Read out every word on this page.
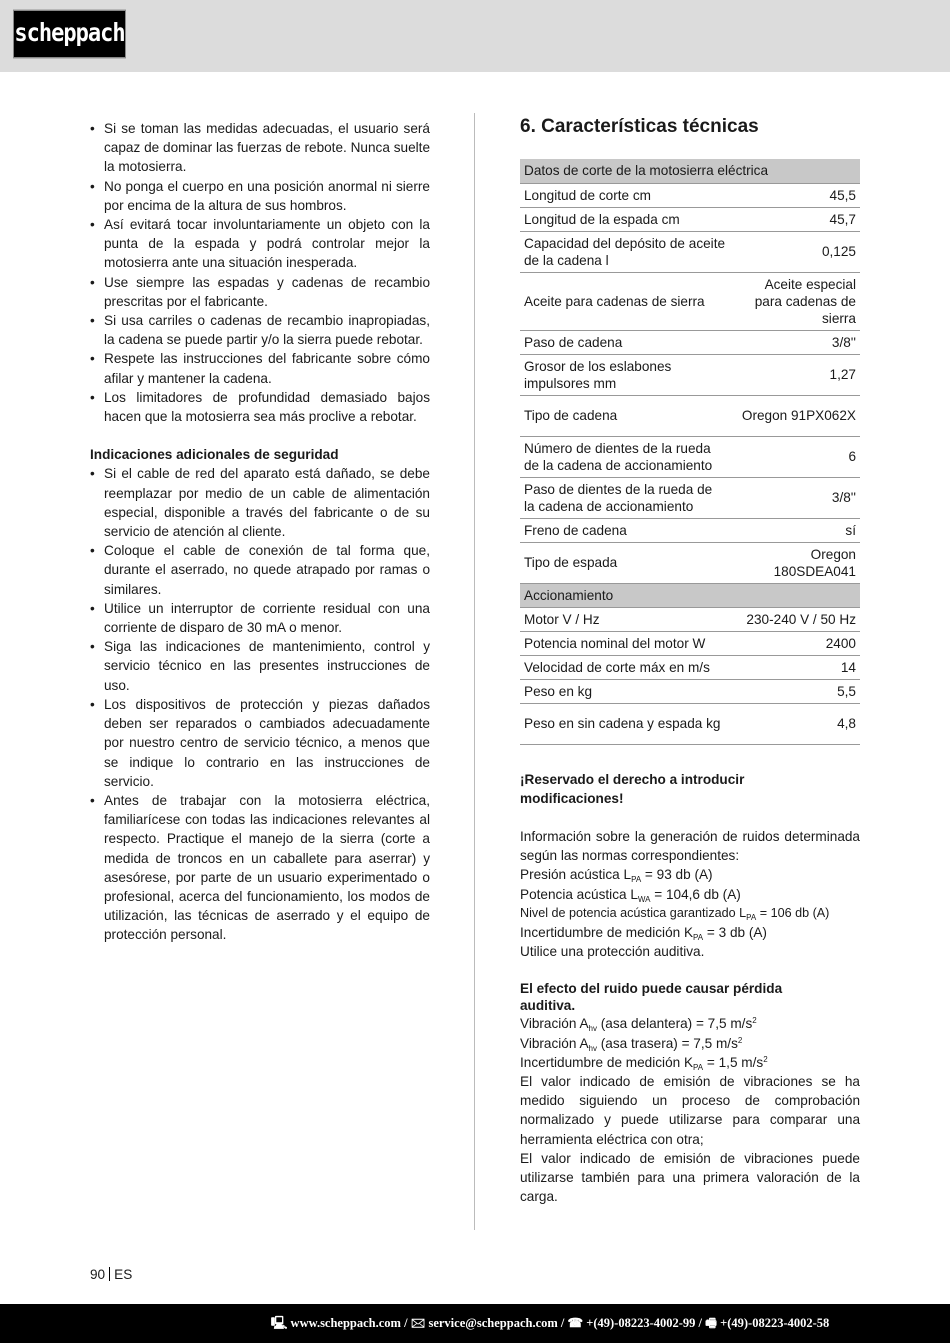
scheppach
• Si se toman las medidas adecuadas, el usuario será capaz de dominar las fuerzas de rebote. Nunca suelte la motosierra.
• No ponga el cuerpo en una posición anormal ni sierre por encima de la altura de sus hombros.
• Así evitará tocar involuntariamente un objeto con la punta de la espada y podrá controlar mejor la motosierra ante una situación inesperada.
• Use siempre las espadas y cadenas de recambio prescritas por el fabricante.
• Si usa carriles o cadenas de recambio inapropiadas, la cadena se puede partir y/o la sierra puede rebotar.
• Respete las instrucciones del fabricante sobre cómo afilar y mantener la cadena.
• Los limitadores de profundidad demasiado bajos hacen que la motosierra sea más proclive a rebotar.
Indicaciones adicionales de seguridad
• Si el cable de red del aparato está dañado, se debe reemplazar por medio de un cable de alimentación especial, disponible a través del fabricante o de su servicio de atención al cliente.
• Coloque el cable de conexión de tal forma que, durante el aserrado, no quede atrapado por ramas o similares.
• Utilice un interruptor de corriente residual con una corriente de disparo de 30 mA o menor.
• Siga las indicaciones de mantenimiento, control y servicio técnico en las presentes instrucciones de uso.
• Los dispositivos de protección y piezas dañados deben ser reparados o cambiados adecuadamente por nuestro centro de servicio técnico, a menos que se indique lo contrario en las instrucciones de servicio.
• Antes de trabajar con la motosierra eléctrica, familiarícese con todas las indicaciones relevantes al respecto. Practique el manejo de la sierra (corte a medida de troncos en un caballete para aserrar) y asesórese, por parte de un usuario experimentado o profesional, acerca del funcionamiento, los modos de utilización, las técnicas de aserrado y el equipo de protección personal.
6. Características técnicas
Datos de corte de la motosierra eléctrica	
Longitud de corte cm	45,5
Longitud de la espada cm	45,7
Capacidad del depósito de aceite de la cadena l	0,125
Aceite para cadenas de sierra	Aceite especial para cadenas de sierra
Paso de cadena	3/8''
Grosor de los eslabones impulsores mm	1,27
Tipo de cadena	Oregon 91PX062X
Número de dientes de la rueda de la cadena de accionamiento	6
Paso de dientes de la rueda de la cadena de accionamiento	3/8''
Freno de cadena	sí
Tipo de espada	Oregon 180SDEA041
Accionamiento	
Motor V / Hz	230-240 V / 50 Hz
Potencia nominal del motor W	2400
Velocidad de corte máx en m/s	14
Peso en kg	5,5
Peso en sin cadena y espada kg	4,8
¡Reservado el derecho a introducir modificaciones!

Información sobre la generación de ruidos determinada según las normas correspondientes:

Presión acústica $L_{PA} = 93$ db (A)
Potencia acústica $L_{WA} = 104,6$ db (A)
Nivel de potencia acústica garantizado $L_{PA} = 106$ db (A)
Incertidumbre de medición $K_{PA} = 3$ db (A)
Utilice una protección auditiva.
El efecto del ruido puede causar pérdida auditiva.
Vibración $A_{hv}$ (asa delantera) = 7,5 $m/s^2$
Vibración $A_{hv}$ (asa trasera) = 7,5 $m/s^2$
Incertidumbre de medición $K_{PA} = 1,5$ $m/s^2$

El valor indicado de emisión de vibraciones se ha medido siguiendo un proceso de comprobación normalizado y puede utilizarse para comparar una herramienta eléctrica con otra;

El valor indicado de emisión de vibraciones puede utilizarse también para una primera valoración de la carga.

90 ES
🖳 www.scheppach.com / 🖂 service@scheppach.com / ☎ +(49)-08223-4002-99 / 🖷 +(49)-08223-4002-58
